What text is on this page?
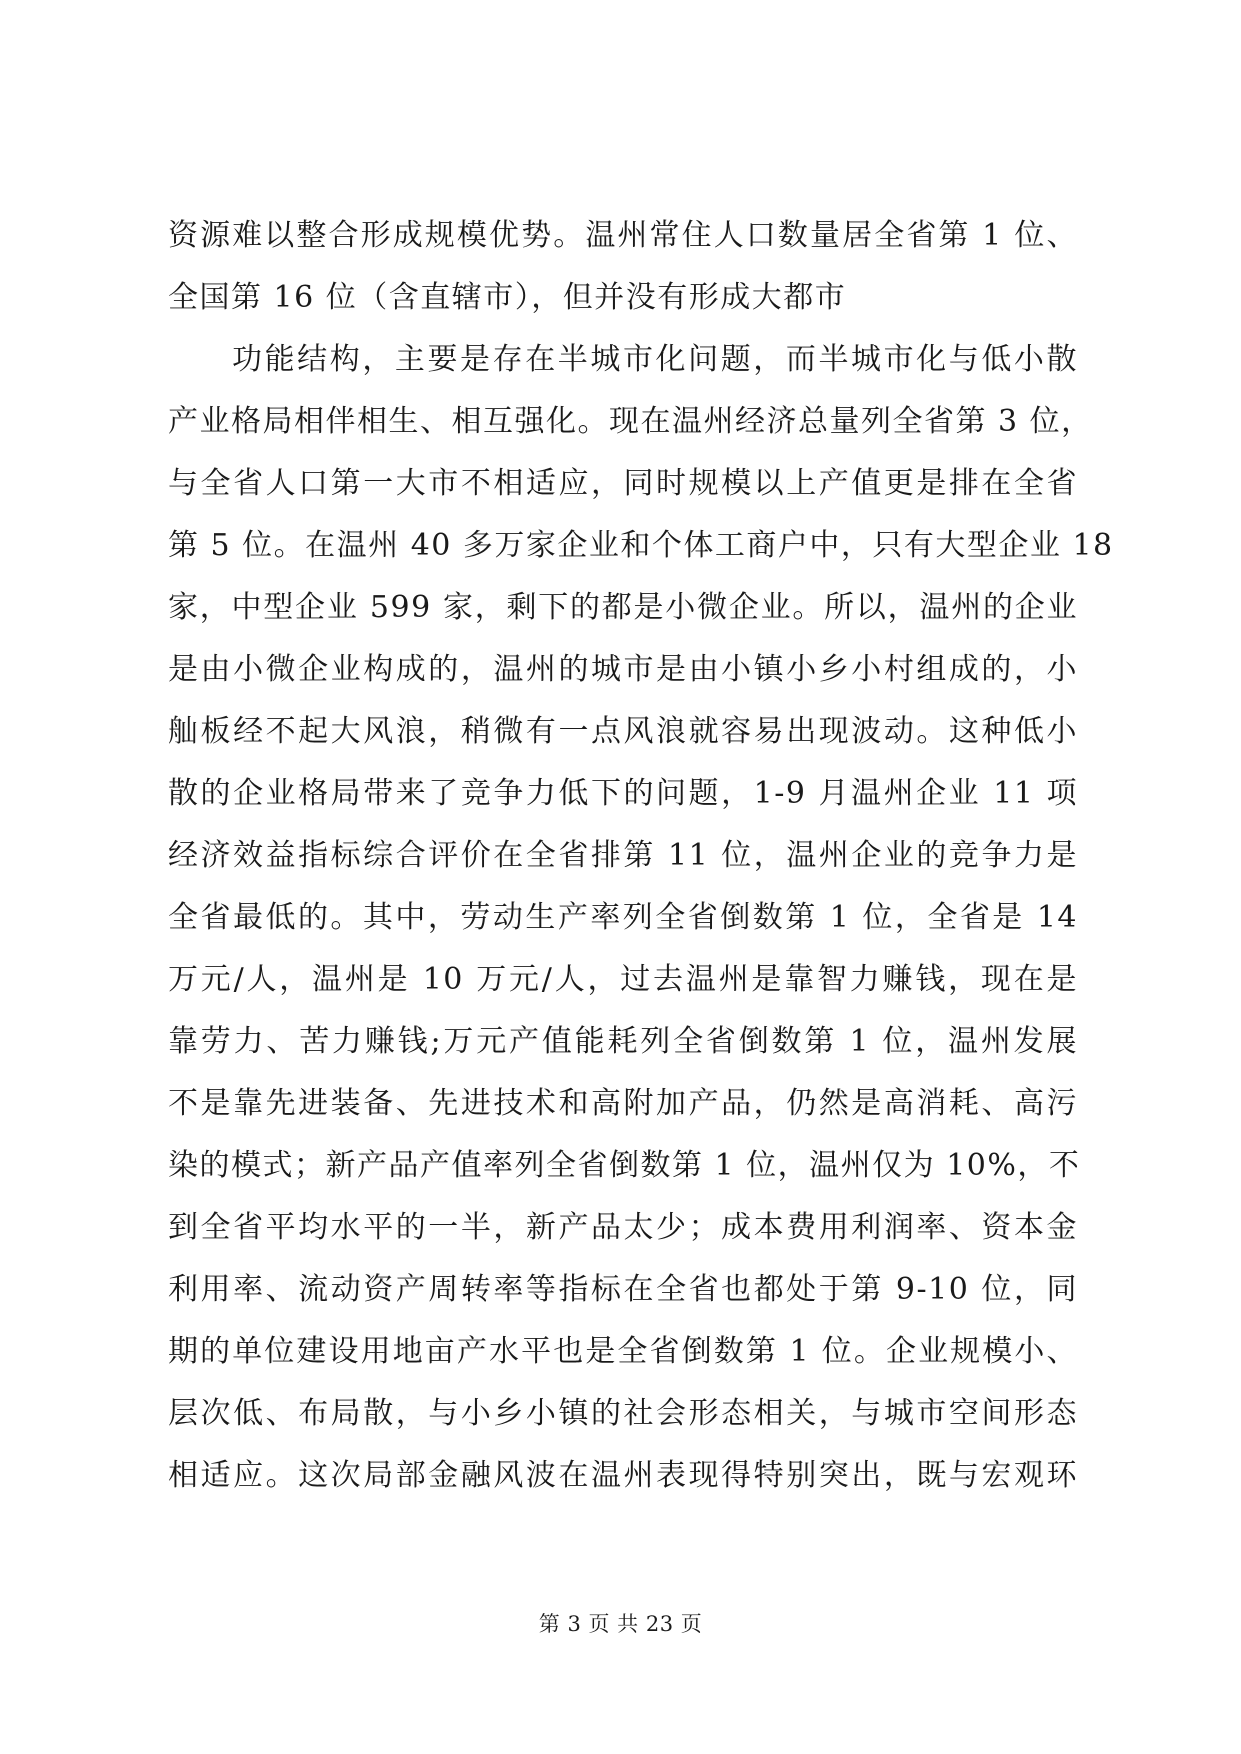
资源难以整合形成规模优势。温州常住人口数量居全省第 1 位、
全国第 16 位（含直辖市），但并没有形成大都市
功能结构，主要是存在半城市化问题，而半城市化与低小散
产业格局相伴相生、相互强化。现在温州经济总量列全省第 3 位，
与全省人口第一大市不相适应，同时规模以上产值更是排在全省
第 5 位。在温州 40 多万家企业和个体工商户中，只有大型企业 18
家，中型企业 599 家，剩下的都是小微企业。所以，温州的企业
是由小微企业构成的，温州的城市是由小镇小乡小村组成的，小
舢板经不起大风浪，稍微有一点风浪就容易出现波动。这种低小
散的企业格局带来了竞争力低下的问题，1-9 月温州企业 11 项
经济效益指标综合评价在全省排第 11 位，温州企业的竞争力是
全省最低的。其中，劳动生产率列全省倒数第 1 位，全省是 14
万元/人，温州是 10 万元/人，过去温州是靠智力赚钱，现在是
靠劳力、苦力赚钱;万元产值能耗列全省倒数第 1 位，温州发展
不是靠先进装备、先进技术和高附加产品，仍然是高消耗、高污
染的模式；新产品产值率列全省倒数第 1 位，温州仅为 10%，不
到全省平均水平的一半，新产品太少；成本费用利润率、资本金
利用率、流动资产周转率等指标在全省也都处于第 9-10 位，同
期的单位建设用地亩产水平也是全省倒数第 1 位。企业规模小、
层次低、布局散，与小乡小镇的社会形态相关，与城市空间形态
相适应。这次局部金融风波在温州表现得特别突出，既与宏观环
第 3 页 共 23 页
